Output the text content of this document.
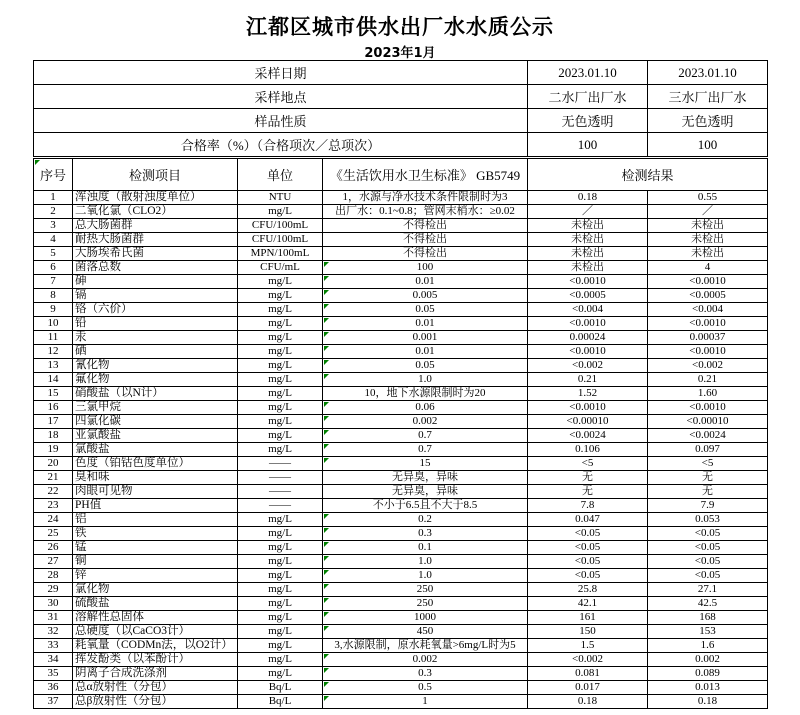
江都区城市供水出厂水水质公示
2023年1月
采样日期	2023.01.10	2023.01.10
采样地点	二水厂出厂水	三水厂出厂水
样品性质	无色透明	无色透明
合格率（%）（合格项次／总项次）	100	100
序号	检测项目	单位	《生活饮用水卫生标准》 GB5749	检测结果	
1	浑浊度（散射浊度单位）	NTU	1，水源与净水技术条件限制时为3	0.18	0.55
2	二氧化氯（CLO2）	mg/L	出厂水：0.1~0.8；管网末梢水：≥0.02	／	／
3	总大肠菌群	CFU/100mL	不得检出	未检出	未检出
4	耐热大肠菌群	CFU/100mL	不得检出	未检出	未检出
5	大肠埃希氏菌	MPN/100mL	不得检出	未检出	未检出
6	菌落总数	CFU/mL	100	未检出	4
7	砷	mg/L	0.01	<0.0010	<0.0010
8	镉	mg/L	0.005	<0.0005	<0.0005
9	铬（六价）	mg/L	0.05	<0.004	<0.004
10	铅	mg/L	0.01	<0.0010	<0.0010
11	汞	mg/L	0.001	0.00024	0.00037
12	硒	mg/L	0.01	<0.0010	<0.0010
13	氰化物	mg/L	0.05	<0.002	<0.002
14	氟化物	mg/L	1.0	0.21	0.21
15	硝酸盐（以N计）	mg/L	10，地下水源限制时为20	1.52	1.60
16	三氯甲烷	mg/L	0.06	<0.0010	<0.0010
17	四氯化碳	mg/L	0.002	<0.00010	<0.00010
18	亚氯酸盐	mg/L	0.7	<0.0024	<0.0024
19	氯酸盐	mg/L	0.7	0.106	0.097
20	色度（铂钴色度单位）	——	15	<5	<5
21	臭和味	——	无异臭，异味	无	无
22	肉眼可见物	——	无异臭，异味	无	无
23	PH值	——	不小于6.5且不大于8.5	7.8	7.9
24	铝	mg/L	0.2	0.047	0.053
25	铁	mg/L	0.3	<0.05	<0.05
26	锰	mg/L	0.1	<0.05	<0.05
27	铜	mg/L	1.0	<0.05	<0.05
28	锌	mg/L	1.0	<0.05	<0.05
29	氯化物	mg/L	250	25.8	27.1
30	硫酸盐	mg/L	250	42.1	42.5
31	溶解性总固体	mg/L	1000	161	168
32	总硬度（以CaCO3计）	mg/L	450	150	153
33	耗氧量（CODMn法，以O2计）	mg/L	3,水源限制，原水耗氧量>6mg/L时为5	1.5	1.6
34	挥发酚类（以苯酚计）	mg/L	0.002	<0.002	0.002
35	阴离子合成洗涤剂	mg/L	0.3	0.081	0.089
36	总α放射性（分包）	Bq/L	0.5	0.017	0.013
37	总β放射性（分包）	Bq/L	1	0.18	0.18
